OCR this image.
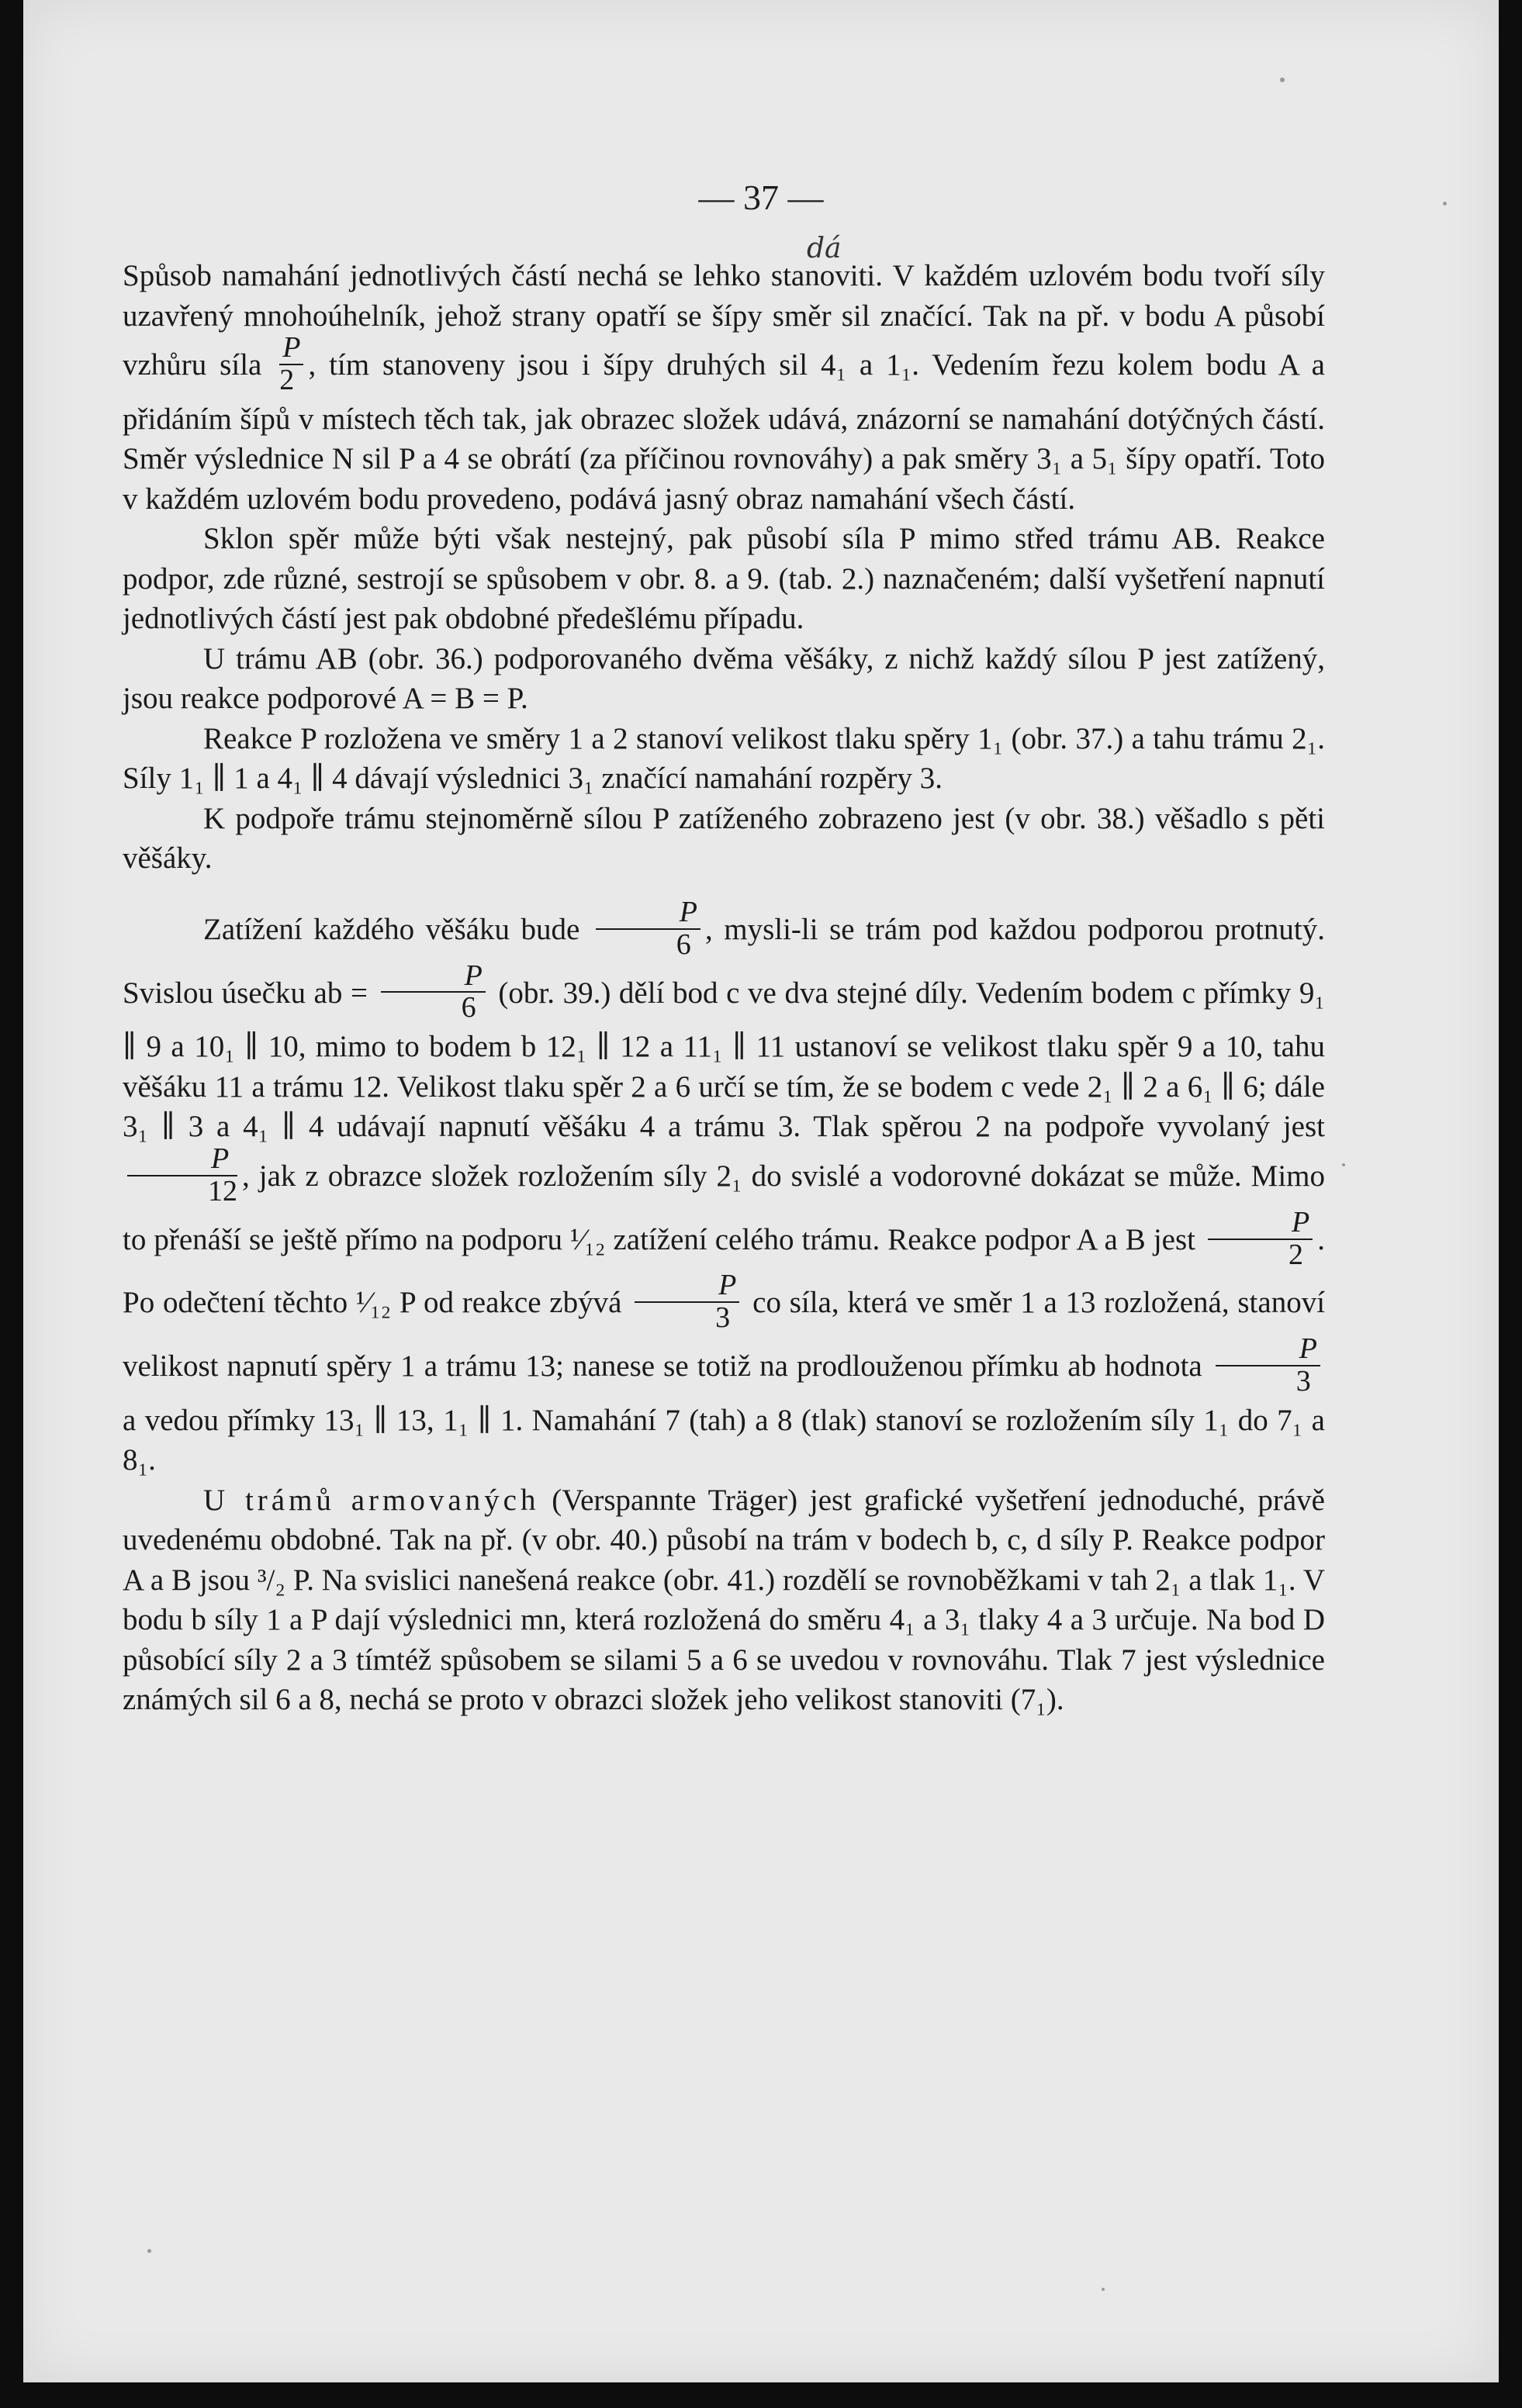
— 37 —
dá

Spůsob namahání jednotlivých částí nechá se lehko stanoviti. V každém uzlovém bodu tvoří síly uzavřený mnohoúhelník, jehož strany opatří se šípy směr sil značící. Tak na př. v bodu A působí vzhůru síla $\frac{P}{2}$ , tím stanoveny jsou i šípy druhých sil 4₁ a 1₁. Vedením řezu kolem bodu A a přidáním šípů v místech těch tak, jak obrazec složek udává, znázorní se namahání dotýčných částí. Směr výslednice N sil P a 4 se obrátí (za příčinou rovnováhy) a pak směry 3₁ a 5₁ šípy opatří. Toto v každém uzlovém bodu provedeno, podává jasný obraz namahání všech částí.

Sklon spěr může býti však nestejný, pak působí síla P mimo střed trámu AB. Reakce podpor, zde různé, sestrojí se spůsobem v obr. 8. a 9. (tab. 2.) naznačeném; další vyšetření napnutí jednotlivých částí jest pak obdobné předešlému případu.

U trámu AB (obr. 36.) podporovaného dvěma věšáky, z nichž každý sílou P jest zatížený, jsou reakce podporové A = B = P.

Reakce P rozložena ve směry 1 a 2 stanoví velikost tlaku spěry 1₁ (obr. 37.) a tahu trámu 2₁. Síly 1₁ ∥ 1 a 4₁ ∥ 4 dávají výslednici 3₁ značící namahání rozpěry 3.

K podpoře trámu stejnoměrně sílou P zatíženého zobrazeno jest (v obr. 38.) věšadlo s pěti věšáky.

Zatížení každého věšáku bude $\frac{P}{6}$ , mysli-li se trám pod každou podporou protnutý. Svislou úsečku ab = $\frac{P}{6} (obr$. 39.) dělí bod c ve dva stejné díly. Vedením bodem c přímky 9₁ ∥ 9 a 10₁ ∥ 10, mimo to bodem b 12₁ ∥ 12 a 11₁ ∥ 11 ustanoví se velikost tlaku spěr 9 a 10, tahu věšáku 11 a trámu 12. Velikost tlaku spěr 2 a 6 určí se tím, že se bodem c vede 2₁ ∥ 2 a 6₁ ∥ 6; dále 3₁ ∥ 3 a 4₁ ∥ 4 udávají napnutí věšáku 4 a trámu 3. Tlak spěrou 2 na podpoře vyvolaný jest
$\frac{P}{12}$ , jak z obrazce složek rozložením síly 2₁ do svislé a vodorovné dokázat se může. Mimo to přenáší se ještě přímo na podporu ¹⁄₁₂ zatížení celého trámu. Reakce podpor A a B jest $\frac{P}{2}$ . Po odečtení těchto ¹⁄₁₂ P od reakce zbývá $\frac{P}{3}$ co síla, která ve směr 1 a 13 rozložená, stanoví velikost napnutí spěry 1 a trámu 13; nanese se totiž na prodlouženou přímku ab hodnota $\frac{P}{3}$
a vedou přímky 13₁ ∥ 13, 1₁ ∥ 1. Namahání 7 (tah) a 8 (tlak) stanoví se rozložením síly 1₁ do 7₁ a 8₁.

U trámů armovaných (Verspannte Träger) jest grafické vyšetření jednoduché, právě uvedenému obdobné. Tak na př. (v obr. 40.) působí na trám v bodech b, c, d síly P. Reakce podpor A a B jsou ³/₂ P. Na svislici nanešená reakce (obr. 41.) rozdělí se rovnoběžkami v tah 2₁ a tlak 1₁. V bodu b síly 1 a P dají výslednici mn, která rozložená do směru 4₁ a 3₁ tlaky 4 a 3 určuje. Na bod D působící síly 2 a 3 tímtéž spůsobem se silami 5 a 6 se uvedou v rovnováhu. Tlak 7 jest výslednice známých sil 6 a 8, nechá se proto v obrazci složek jeho velikost stanoviti (7₁).
